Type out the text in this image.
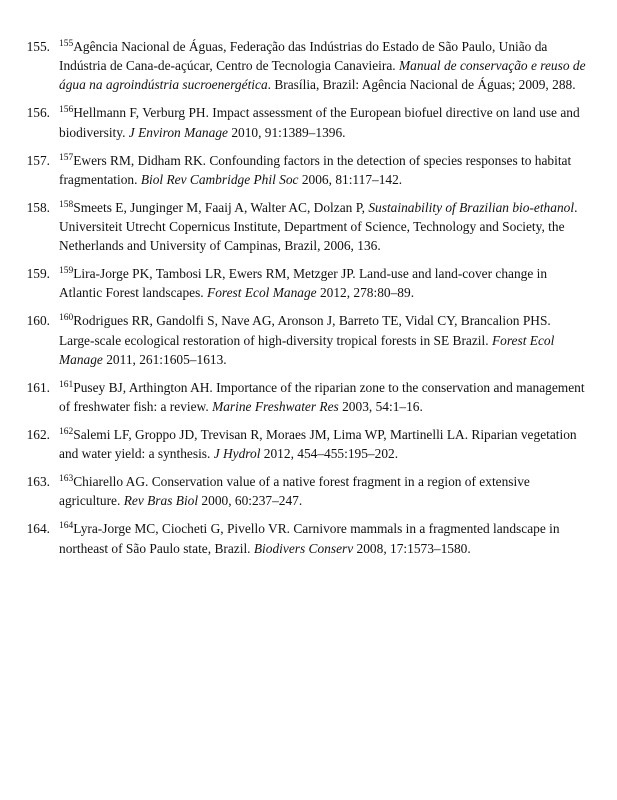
155. $^{155}$Agência Nacional de Águas, Federação das Indústrias do Estado de São Paulo, União da Indústria de Cana-de-açúcar, Centro de Tecnologia Canavieira. Manual de conservação e reuso de água na agroindústria sucroenergética. Brasília, Brazil: Agência Nacional de Águas; 2009, 288.
156. $^{156}$Hellmann F, Verburg PH. Impact assessment of the European biofuel directive on land use and biodiversity. J Environ Manage 2010, 91:1389–1396.
157. $^{157}$Ewers RM, Didham RK. Confounding factors in the detection of species responses to habitat fragmentation. Biol Rev Cambridge Phil Soc 2006, 81:117–142.
158. $^{158}$Smeets E, Junginger M, Faaij A, Walter AC, Dolzan P, Sustainability of Brazilian bio-ethanol. Universiteit Utrecht Copernicus Institute, Department of Science, Technology and Society, the Netherlands and University of Campinas, Brazil, 2006, 136.
159. $^{159}$Lira-Jorge PK, Tambosi LR, Ewers RM, Metzger JP. Land-use and land-cover change in Atlantic Forest landscapes. Forest Ecol Manage 2012, 278:80–89.
160. $^{160}$Rodrigues RR, Gandolfi S, Nave AG, Aronson J, Barreto TE, Vidal CY, Brancalion PHS. Large-scale ecological restoration of high-diversity tropical forests in SE Brazil. Forest Ecol Manage 2011, 261:1605–1613.
161. $^{161}$Pusey BJ, Arthington AH. Importance of the riparian zone to the conservation and management of freshwater fish: a review. Marine Freshwater Res 2003, 54:1–16.
162. $^{162}$Salemi LF, Groppo JD, Trevisan R, Moraes JM, Lima WP, Martinelli LA. Riparian vegetation and water yield: a synthesis. J Hydrol 2012, 454–455:195–202.
163. $^{163}$Chiarello AG. Conservation value of a native forest fragment in a region of extensive agriculture. Rev Bras Biol 2000, 60:237–247.
164. $^{164}$Lyra-Jorge MC, Ciocheti G, Pivello VR. Carnivore mammals in a fragmented landscape in northeast of São Paulo state, Brazil. Biodivers Conserv 2008, 17:1573–1580.
